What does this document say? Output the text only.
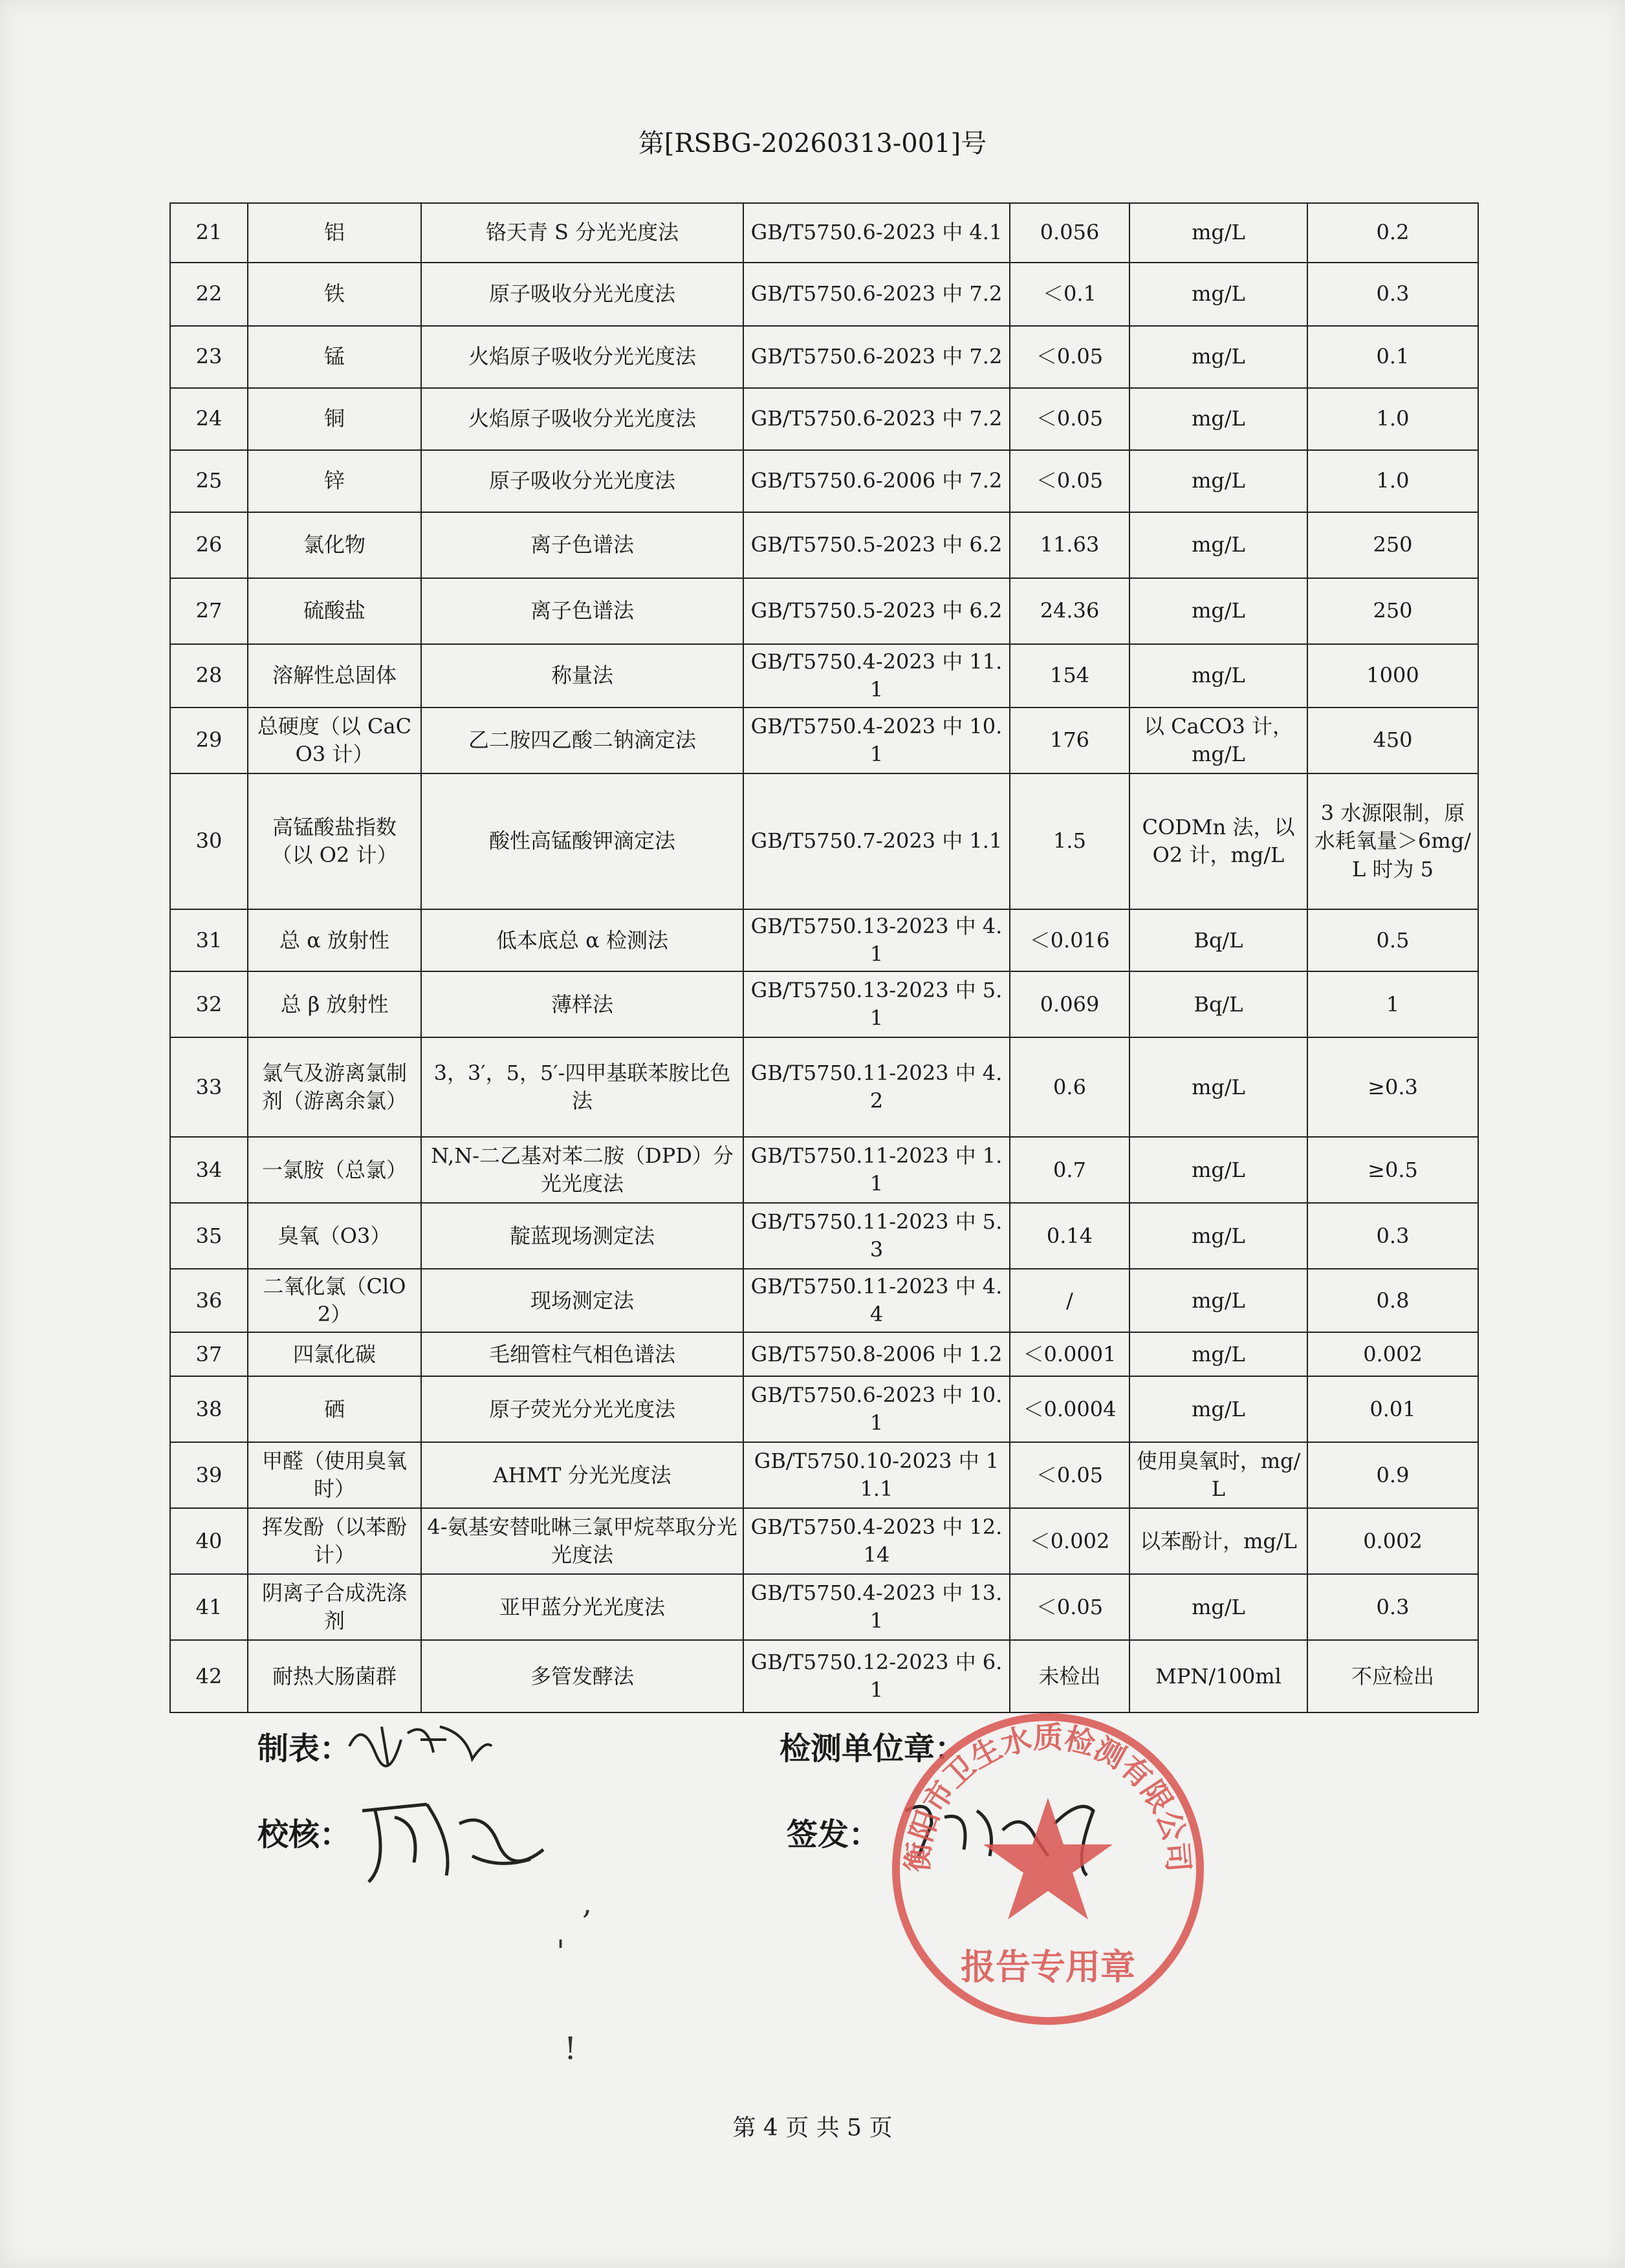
第[RSBG-20260313-001]号
21	铝	铬天青 S 分光光度法	GB/T5750.6-2023 中 4.1	0.056	mg/L	0.2
22	铁	原子吸收分光光度法	GB/T5750.6-2023 中 7.2	＜0.1	mg/L	0.3
23	锰	火焰原子吸收分光光度法	GB/T5750.6-2023 中 7.2	＜0.05	mg/L	0.1
24	铜	火焰原子吸收分光光度法	GB/T5750.6-2023 中 7.2	＜0.05	mg/L	1.0
25	锌	原子吸收分光光度法	GB/T5750.6-2006 中 7.2	＜0.05	mg/L	1.0
26	氯化物	离子色谱法	GB/T5750.5-2023 中 6.2	11.63	mg/L	250
27	硫酸盐	离子色谱法	GB/T5750.5-2023 中 6.2	24.36	mg/L	250
28	溶解性总固体	称量法	GB/T5750.4-2023 中 11.1	154	mg/L	1000
29	总硬度（以 CaCO3 计）	乙二胺四乙酸二钠滴定法	GB/T5750.4-2023 中 10.1	176	以 CaCO3 计，mg/L	450
30	高锰酸盐指数（以 O2 计）	酸性高锰酸钾滴定法	GB/T5750.7-2023 中 1.1	1.5	CODMn 法，以 O2 计，mg/L	3 水源限制，原水耗氧量＞6mg/L 时为 5
31	总 α 放射性	低本底总 α 检测法	GB/T5750.13-2023 中 4.1	＜0.016	Bq/L	0.5
32	总 β 放射性	薄样法	GB/T5750.13-2023 中 5.1	0.069	Bq/L	1
33	氯气及游离氯制剂（游离余氯）	3，3′，5，5′-四甲基联苯胺比色法	GB/T5750.11-2023 中 4.2	0.6	mg/L	≥0.3
34	一氯胺（总氯）	N,N-二乙基对苯二胺（DPD）分光光度法	GB/T5750.11-2023 中 1.1	0.7	mg/L	≥0.5
35	臭氧（O3）	靛蓝现场测定法	GB/T5750.11-2023 中 5.3	0.14	mg/L	0.3
36	二氧化氯（ClO2）	现场测定法	GB/T5750.11-2023 中 4.4	/	mg/L	0.8
37	四氯化碳	毛细管柱气相色谱法	GB/T5750.8-2006 中 1.2	＜0.0001	mg/L	0.002
38	硒	原子荧光分光光度法	GB/T5750.6-2023 中 10.1	＜0.0004	mg/L	0.01
39	甲醛（使用臭氧时）	AHMT 分光光度法	GB/T5750.10-2023 中 11.1	＜0.05	使用臭氧时，mg/L	0.9
40	挥发酚（以苯酚计）	4-氨基安替吡啉三氯甲烷萃取分光光度法	GB/T5750.4-2023 中 12.14	＜0.002	以苯酚计，mg/L	0.002
41	阴离子合成洗涤剂	亚甲蓝分光光度法	GB/T5750.4-2023 中 13.1	＜0.05	mg/L	0.3
42	耐热大肠菌群	多管发酵法	GB/T5750.12-2023 中 6.1	未检出	MPN/100ml	不应检出
制表：
校核：
检测单位章：
签发：
衡阳市卫生水质检测有限公司
报告专用章
,
'
!
第 4 页 共 5 页
